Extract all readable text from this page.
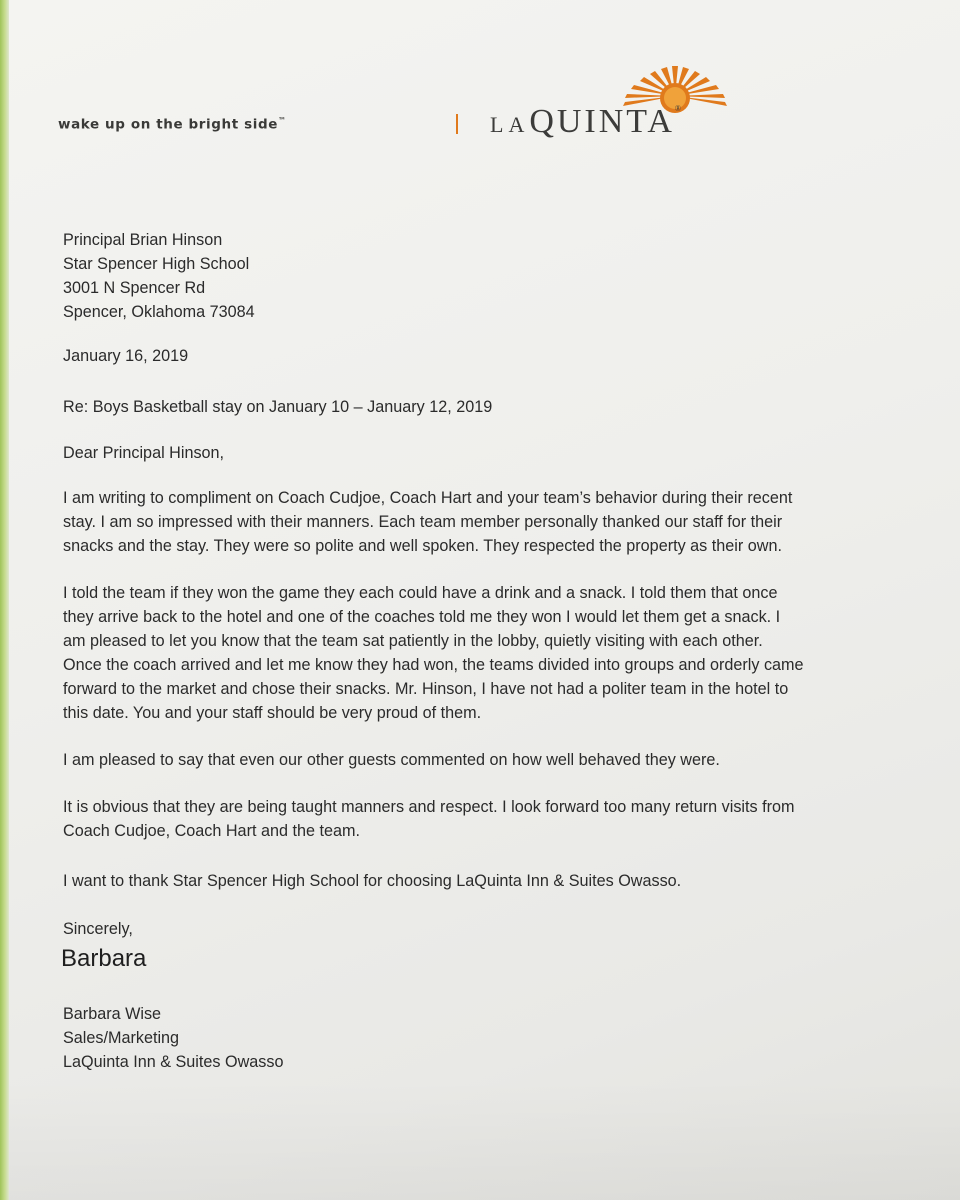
wake up on the bright side™	LAQUINTA®
Principal Brian Hinson
Star Spencer High School
3001 N Spencer Rd
Spencer, Oklahoma 73084
January 16, 2019
Re: Boys Basketball stay on January 10 – January 12, 2019
Dear Principal Hinson,
I am writing to compliment on Coach Cudjoe, Coach Hart and your team’s behavior during their recent
stay. I am so impressed with their manners. Each team member personally thanked our staff for their
snacks and the stay. They were so polite and well spoken. They respected the property as their own.
I told the team if they won the game they each could have a drink and a snack. I told them that once
they arrive back to the hotel and one of the coaches told me they won I would let them get a snack. I
am pleased to let you know that the team sat patiently in the lobby, quietly visiting with each other.
Once the coach arrived and let me know they had won, the teams divided into groups and orderly came
forward to the market and chose their snacks. Mr. Hinson, I have not had a politer team in the hotel to
this date. You and your staff should be very proud of them.
I am pleased to say that even our other guests commented on how well behaved they were.
It is obvious that they are being taught manners and respect. I look forward too many return visits from
Coach Cudjoe, Coach Hart and the team.
I want to thank Star Spencer High School for choosing LaQuinta Inn & Suites Owasso.
Sincerely,
Barbara
Barbara Wise
Sales/Marketing
LaQuinta Inn & Suites Owasso
